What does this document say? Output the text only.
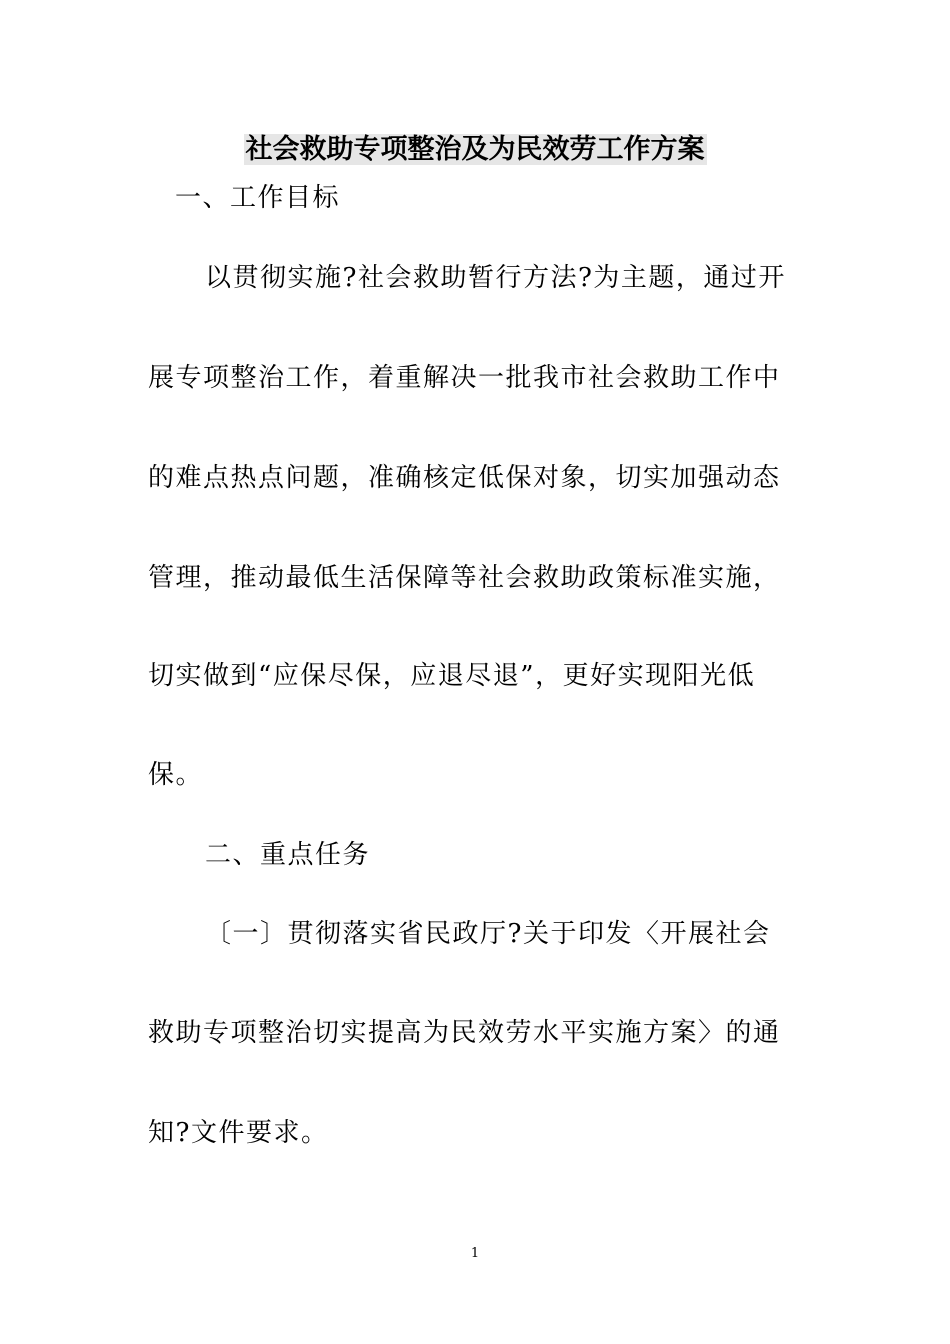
社会救助专项整治及为民效劳工作方案
一、工作目标
以贯彻实施?社会救助暂行方法?为主题，通过开
展专项整治工作，着重解决一批我市社会救助工作中
的难点热点问题，准确核定低保对象，切实加强动态
管理，推动最低生活保障等社会救助政策标准实施，
切实做到“应保尽保，应退尽退”，更好实现阳光低
保。
二、重点任务
〔一〕贯彻落实省民政厅?关于印发〈开展社会
救助专项整治切实提高为民效劳水平实施方案〉的通
知?文件要求。
1
